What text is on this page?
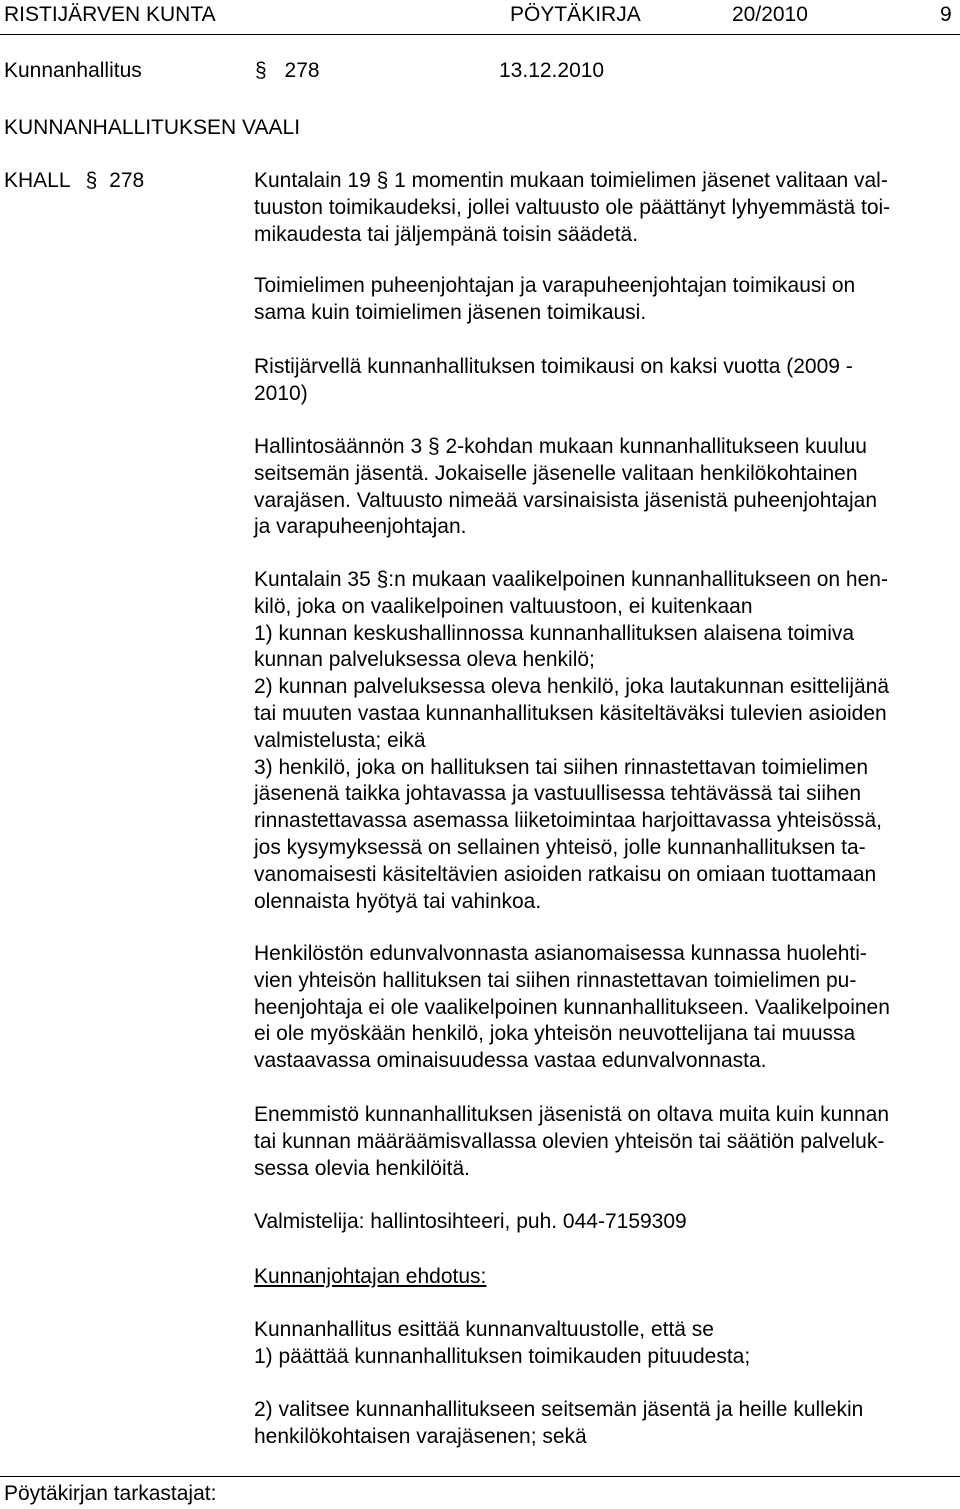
RISTIJÄRVEN KUNTA	PÖYTÄKIRJA	20/2010	9
Kunnanhallitus	§ 278	13.12.2010
KUNNANHALLITUKSEN VAALI
KHALL § 278	Kuntalain 19 § 1 momentin mukaan toimielimen jäsenet valitaan val-
tuuston toimikaudeksi, jollei valtuusto ole päättänyt lyhyemmästä toi-
mikaudesta tai jäljempänä toisin säädetä.

Toimielimen puheenjohtajan ja varapuheenjohtajan toimikausi on
sama kuin toimielimen jäsenen toimikausi.

Ristijärvellä kunnanhallituksen toimikausi on kaksi vuotta (2009 -
2010)

Hallintosäännön 3 § 2-kohdan mukaan kunnanhallitukseen kuuluu
seitsemän jäsentä. Jokaiselle jäsenelle valitaan henkilökohtainen
varajäsen. Valtuusto nimeää varsinaisista jäsenistä puheenjohtajan
ja varapuheenjohtajan.

Kuntalain 35 §:n mukaan vaalikelpoinen kunnanhallitukseen on hen-
kilö, joka on vaalikelpoinen valtuustoon, ei kuitenkaan
1) kunnan keskushallinnossa kunnanhallituksen alaisena toimiva
kunnan palveluksessa oleva henkilö;
2) kunnan palveluksessa oleva henkilö, joka lautakunnan esittelijänä
tai muuten vastaa kunnanhallituksen käsiteltäväksi tulevien asioiden
valmistelusta; eikä
3) henkilö, joka on hallituksen tai siihen rinnastettavan toimielimen
jäsenenä taikka johtavassa ja vastuullisessa tehtävässä tai siihen
rinnastettavassa asemassa liiketoimintaa harjoittavassa yhteisössä,
jos kysymyksessä on sellainen yhteisö, jolle kunnanhallituksen ta-
vanomaisesti käsiteltävien asioiden ratkaisu on omiaan tuottamaan
olennaista hyötyä tai vahinkoa.

Henkilöstön edunvalvonnasta asianomaisessa kunnassa huolehti-
vien yhteisön hallituksen tai siihen rinnastettavan toimielimen pu-
heenjohtaja ei ole vaalikelpoinen kunnanhallitukseen. Vaalikelpoinen
ei ole myöskään henkilö, joka yhteisön neuvottelijana tai muussa
vastaavassa ominaisuudessa vastaa edunvalvonnasta.

Enemmistö kunnanhallituksen jäsenistä on oltava muita kuin kunnan
tai kunnan määräämisvallassa olevien yhteisön tai säätiön palveluk-
sessa olevia henkilöitä.

Valmistelija: hallintosihteeri, puh. 044-7159309

Kunnanjohtajan ehdotus:

Kunnanhallitus esittää kunnanvaltuustolle, että se
1) päättää kunnanhallituksen toimikauden pituudesta;

2) valitsee kunnanhallitukseen seitsemän jäsentä ja heille kullekin
henkilökohtaisen varajäsenen; sekä

Pöytäkirjan tarkastajat:
